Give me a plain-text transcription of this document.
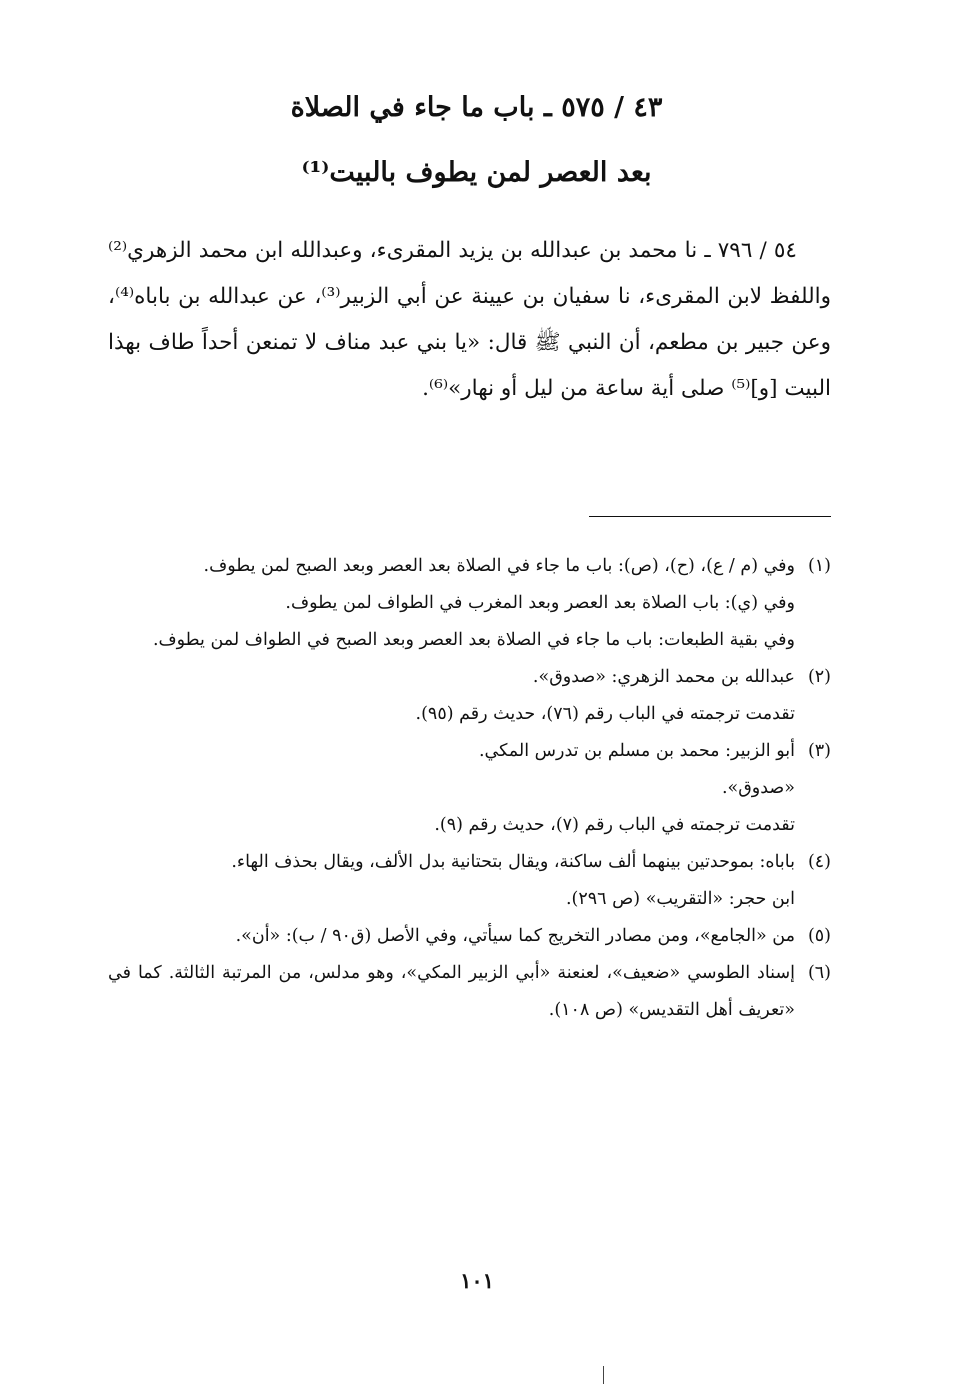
٤٣ / ٥٧٥ ـ باب ما جاء في الصلاة
بعد العصر لمن يطوف بالبيت⁽¹⁾
٥٤ / ٧٩٦ ـ نا محمد بن عبدالله بن يزيد المقرىء، وعبدالله ابن محمد الزهري⁽²⁾ واللفظ لابن المقرىء، نا سفيان بن عيينة عن أبي الزبير⁽³⁾، عن عبدالله بن باباه⁽⁴⁾، وعن جبير بن مطعم، أن النبي ﷺ قال: «يا بني عبد مناف لا تمنعن أحداً طاف بهذا البيت [و]⁽⁵⁾ صلى أية ساعة من ليل أو نهار»⁽⁶⁾.
(١)
وفي (م / ع)، (ح)، (ص): باب ما جاء في الصلاة بعد العصر وبعد الصبح لمن يطوف.
وفي (ي): باب الصلاة بعد العصر وبعد المغرب في الطواف لمن يطوف.
وفي بقية الطبعات: باب ما جاء في الصلاة بعد العصر وبعد الصبح في الطواف لمن يطوف.
(٢)
عبدالله بن محمد الزهري: «صدوق».
تقدمت ترجمته في الباب رقم (٧٦)، حديث رقم (٩٥).
(٣)
أبو الزبير: محمد بن مسلم بن تدرس المكي.
«صدوق».
تقدمت ترجمته في الباب رقم (٧)، حديث رقم (٩).
(٤)
باباه: بموحدتين بينهما ألف ساكنة، ويقال بتحتانية بدل الألف، ويقال بحذف الهاء.
ابن حجر: «التقريب» (ص ٢٩٦).
(٥)
من «الجامع»، ومن مصادر التخريج كما سيأتي، وفي الأصل (ق٩٠ / ب): «أن».
(٦)
إسناد الطوسي «ضعيف»، لعنعنة «أبي الزبير المكي»، وهو مدلس، من المرتبة الثالثة. كما في «تعريف أهل التقديس» (ص ١٠٨).
١٠١
